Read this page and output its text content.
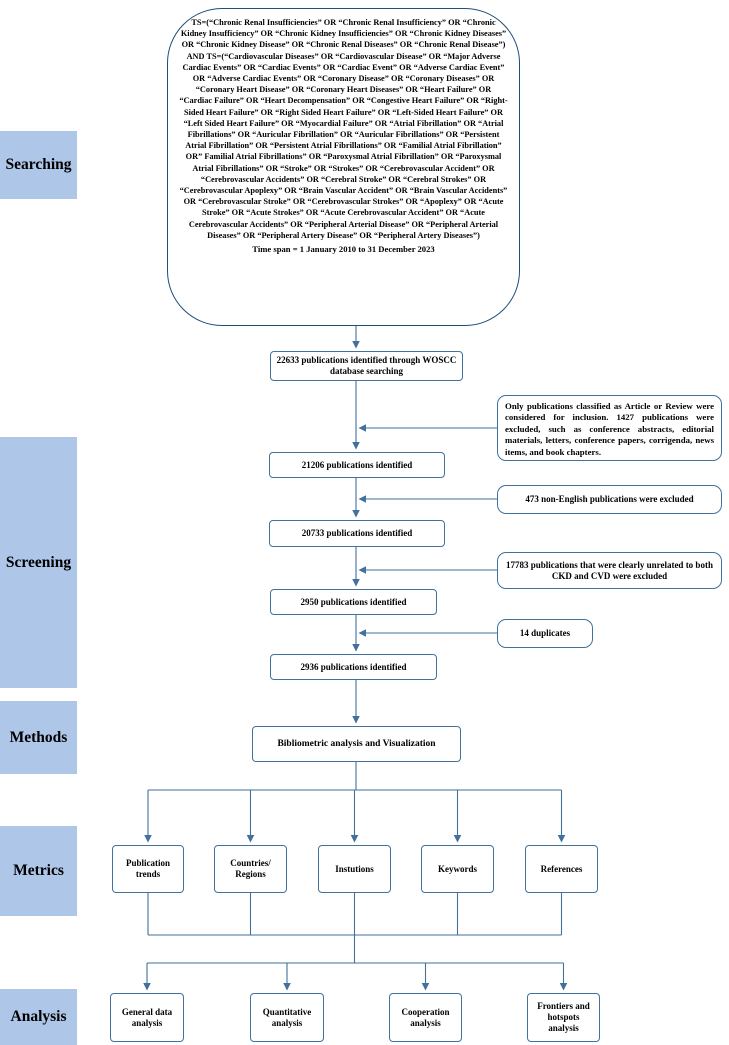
Searching
Screening
Methods
Metrics
Analysis
TS=(“Chronic Renal Insufficiencies” OR “Chronic Renal Insufficiency” OR “Chronic Kidney Insufficiency” OR “Chronic Kidney Insufficiencies” OR “Chronic Kidney Diseases” OR “Chronic Kidney Disease” OR “Chronic Renal Diseases” OR “Chronic Renal Disease”) AND TS=(“Cardiovascular Diseases” OR “Cardiovascular Disease” OR “Major Adverse Cardiac Events” OR “Cardiac Events” OR “Cardiac Event” OR “Adverse Cardiac Event” OR “Adverse Cardiac Events” OR “Coronary Disease” OR “Coronary Diseases” OR “Coronary Heart Disease” OR “Coronary Heart Diseases” OR “Heart Failure” OR “Cardiac Failure” OR “Heart Decompensation” OR “Congestive Heart Failure” OR “Right-Sided Heart Failure” OR “Right Sided Heart Failure” OR “Left-Sided Heart Failure” OR “Left Sided Heart Failure” OR “Myocardial Failure” OR “Atrial Fibrillation” OR “Atrial Fibrillations” OR “Auricular Fibrillation” OR “Auricular Fibrillations” OR “Persistent Atrial Fibrillation” OR “Persistent Atrial Fibrillations” OR “Familial Atrial Fibrillation” OR” Familial Atrial Fibrillations” OR “Paroxysmal Atrial Fibrillation” OR “Paroxysmal Atrial Fibrillations” OR “Stroke” OR “Strokes” OR “Cerebrovascular Accident” OR “Cerebrovascular Accidents” OR “Cerebral Stroke” OR “Cerebral Strokes” OR “Cerebrovascular Apoplexy” OR “Brain Vascular Accident” OR “Brain Vascular Accidents” OR “Cerebrovascular Stroke” OR “Cerebrovascular Strokes” OR “Apoplexy” OR “Acute Stroke” OR “Acute Strokes” OR “Acute Cerebrovascular Accident” OR “Acute Cerebrovascular Accidents” OR “Peripheral Arterial Disease” OR “Peripheral Arterial Diseases” OR “Peripheral Artery Disease” OR “Peripheral Artery Diseases”)
Time span = 1 January 2010 to 31 December 2023
22633 publications identified through WOSCC database searching
21206 publications identified
20733 publications identified
2950 publications identified
2936 publications identified
Bibliometric analysis and Visualization
Only publications classified as Article or Review were considered for inclusion. 1427 publications were excluded, such as conference abstracts, editorial materials, letters, conference papers, corrigenda, news items, and book chapters.
473 non-English publications were excluded
17783 publications that were clearly unrelated to both CKD and CVD were excluded
14 duplicates
Publication trends
Countries/ Regions
Instutions	Keywords	References
General data analysis
Quantitative analysis
Cooperation analysis
Frontiers and hotspots analysis
